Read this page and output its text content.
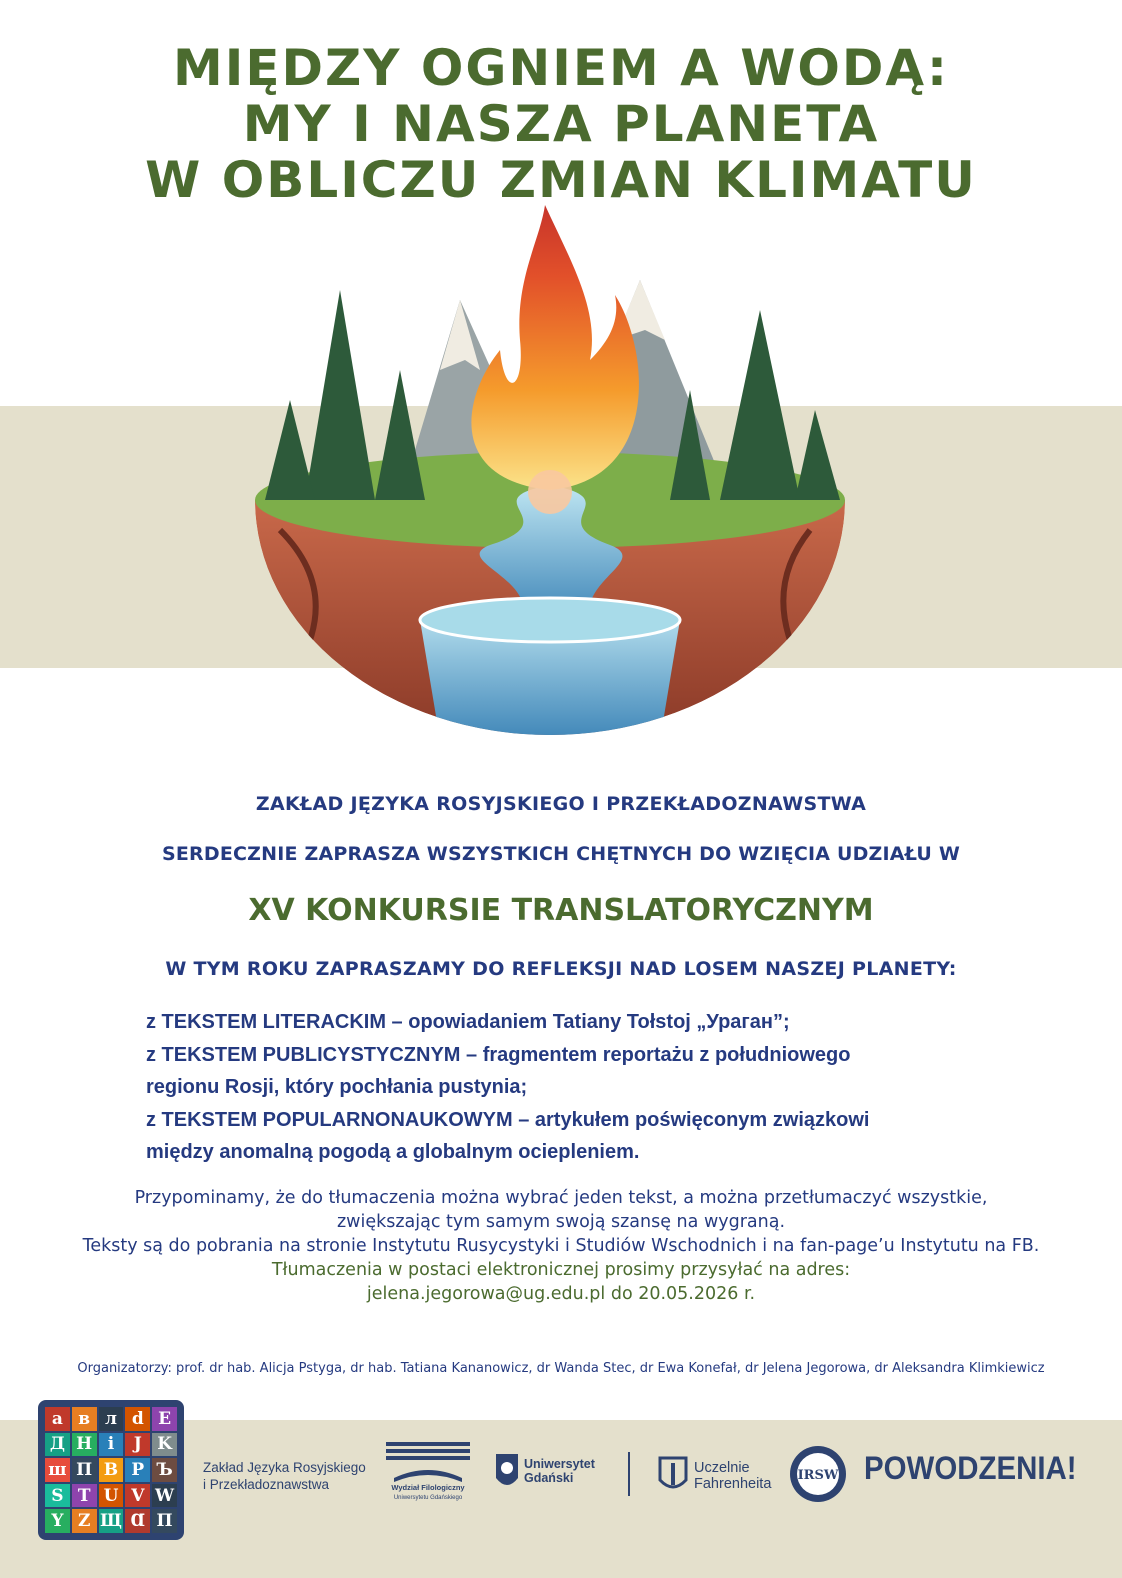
MIĘDZY OGNIEM A WODĄ:
MY I NASZA PLANETA
W OBLICZU ZMIAN KLIMATU
ZAKŁAD JĘZYKA ROSYJSKIEGO I PRZEKŁADOZNAWSTWA
SERDECZNIE ZAPRASZA WSZYSTKICH CHĘTNYCH DO WZIĘCIA UDZIAŁU W
XV KONKURSIE TRANSLATORYCZNYM
W TYM ROKU ZAPRASZAMY DO REFLEKSJI NAD LOSEM NASZEJ PLANETY:
z TEKSTEM LITERACKIM – opowiadaniem Tatiany Tołstoj „Ураган”;
z TEKSTEM PUBLICYSTYCZNYM – fragmentem reportażu z południowego
regionu Rosji, który pochłania pustynia;
z TEKSTEM POPULARNONAUKOWYM – artykułem poświęconym związkowi
między anomalną pogodą a globalnym ociepleniem.
Przypominamy, że do tłumaczenia można wybrać jeden tekst, a można przetłumaczyć wszystkie,
zwiększając tym samym swoją szansę na wygraną.
Teksty są do pobrania na stronie Instytutu Rusycystyki i Studiów Wschodnich i na fan-page’u Instytutu na FB.
Tłumaczenia w postaci elektronicznej prosimy przysyłać na adres:
jelena.jegorowa@ug.edu.pl do 20.05.2026 r.
Organizatorzy: prof. dr hab. Alicja Pstyga, dr hab. Tatiana Kananowicz, dr Wanda Stec, dr Ewa Konefał, dr Jelena Jegorowa, dr Aleksandra Klimkiewicz
а в л d Е
Д H i	J K
ш П В Р Ъ
S T U V W
Y Z Щ Ɑ П
Zakład Języka Rosyjskiego
i Przekładoznawstwa	Wydział Filologiczny
Uniwersytetu Gdańskiego
Uniwersytet
Gdański
Uczelnie
Fahrenheita
IRSW POWODZENIA!
